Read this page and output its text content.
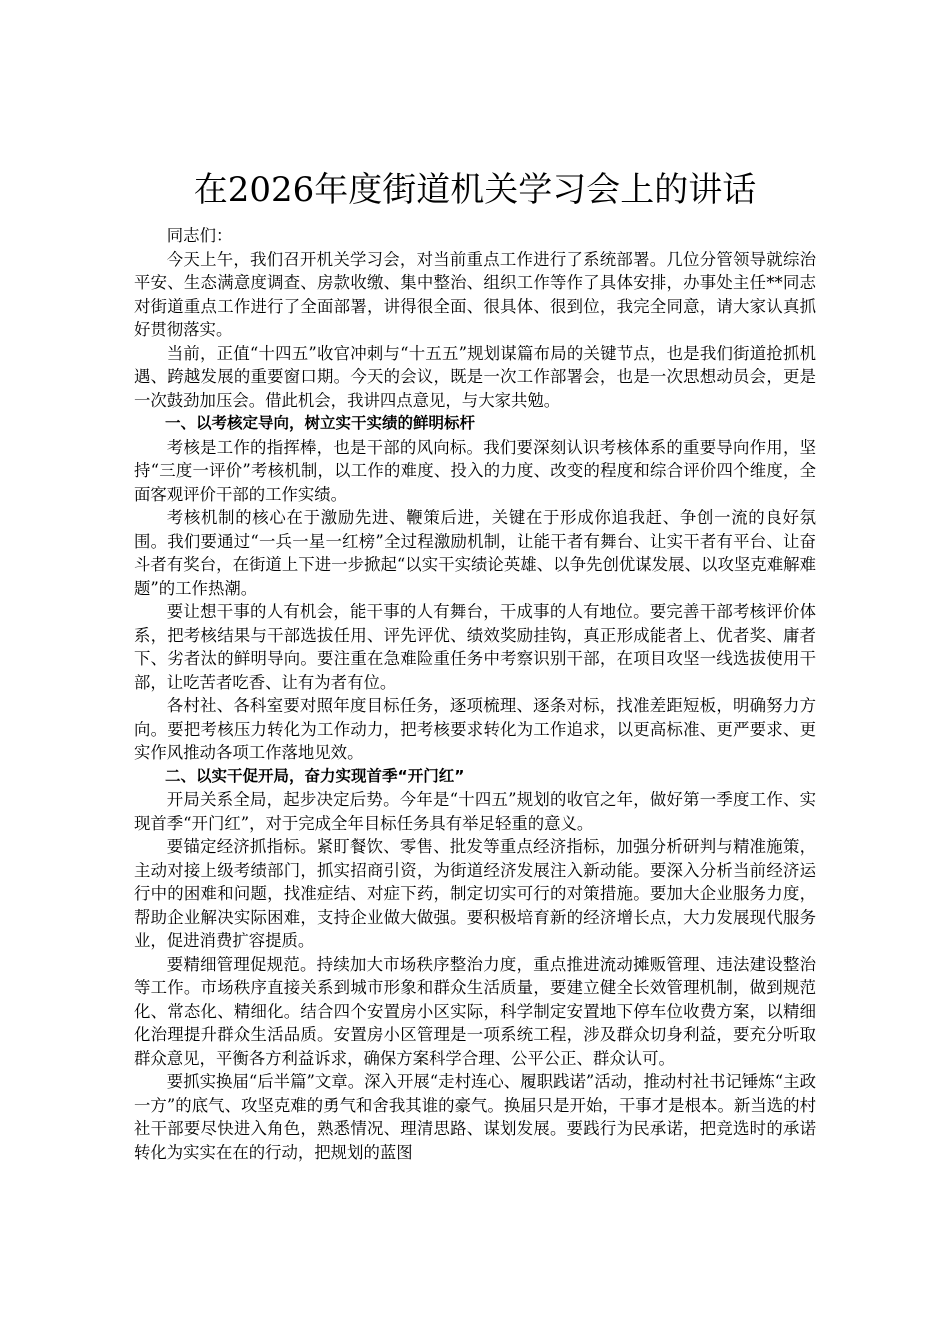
在2026年度街道机关学习会上的讲话

同志们：

今天上午，我们召开机关学习会，对当前重点工作进行了系统部署。几位分管领导就综治平安、生态满意度调查、房款收缴、集中整治、组织工作等作了具体安排，办事处主任**同志对街道重点工作进行了全面部署，讲得很全面、很具体、很到位，我完全同意，请大家认真抓好贯彻落实。

当前，正值“十四五”收官冲刺与“十五五”规划谋篇布局的关键节点，也是我们街道抢抓机遇、跨越发展的重要窗口期。今天的会议，既是一次工作部署会，也是一次思想动员会，更是一次鼓劲加压会。借此机会，我讲四点意见，与大家共勉。

一、以考核定导向，树立实干实绩的鲜明标杆

考核是工作的指挥棒，也是干部的风向标。我们要深刻认识考核体系的重要导向作用，坚持“三度一评价”考核机制，以工作的难度、投入的力度、改变的程度和综合评价四个维度，全面客观评价干部的工作实绩。

考核机制的核心在于激励先进、鞭策后进，关键在于形成你追我赶、争创一流的良好氛围。我们要通过“一兵一星一红榜”全过程激励机制，让能干者有舞台、让实干者有平台、让奋斗者有奖台，在街道上下进一步掀起“以实干实绩论英雄、以争先创优谋发展、以攻坚克难解难题”的工作热潮。

要让想干事的人有机会，能干事的人有舞台，干成事的人有地位。要完善干部考核评价体系，把考核结果与干部选拔任用、评先评优、绩效奖励挂钩，真正形成能者上、优者奖、庸者下、劣者汰的鲜明导向。要注重在急难险重任务中考察识别干部，在项目攻坚一线选拔使用干部，让吃苦者吃香、让有为者有位。

各村社、各科室要对照年度目标任务，逐项梳理、逐条对标，找准差距短板，明确努力方向。要把考核压力转化为工作动力，把考核要求转化为工作追求，以更高标准、更严要求、更实作风推动各项工作落地见效。

二、以实干促开局，奋力实现首季“开门红”

开局关系全局，起步决定后势。今年是“十四五”规划的收官之年，做好第一季度工作、实现首季“开门红”，对于完成全年目标任务具有举足轻重的意义。

要锚定经济抓指标。紧盯餐饮、零售、批发等重点经济指标，加强分析研判与精准施策，主动对接上级考绩部门，抓实招商引资，为街道经济发展注入新动能。要深入分析当前经济运行中的困难和问题，找准症结、对症下药，制定切实可行的对策措施。要加大企业服务力度，帮助企业解决实际困难，支持企业做大做强。要积极培育新的经济增长点，大力发展现代服务业，促进消费扩容提质。

要精细管理促规范。持续加大市场秩序整治力度，重点推进流动摊贩管理、违法建设整治等工作。市场秩序直接关系到城市形象和群众生活质量，要建立健全长效管理机制，做到规范化、常态化、精细化。结合四个安置房小区实际，科学制定安置地下停车位收费方案，以精细化治理提升群众生活品质。安置房小区管理是一项系统工程，涉及群众切身利益，要充分听取群众意见，平衡各方利益诉求，确保方案科学合理、公平公正、群众认可。

要抓实换届“后半篇”文章。深入开展“走村连心、履职践诺”活动，推动村社书记锤炼“主政一方”的底气、攻坚克难的勇气和舍我其谁的豪气。换届只是开始，干事才是根本。新当选的村社干部要尽快进入角色，熟悉情况、理清思路、谋划发展。要践行为民承诺，把竞选时的承诺转化为实实在在的行动，把规划的蓝图
